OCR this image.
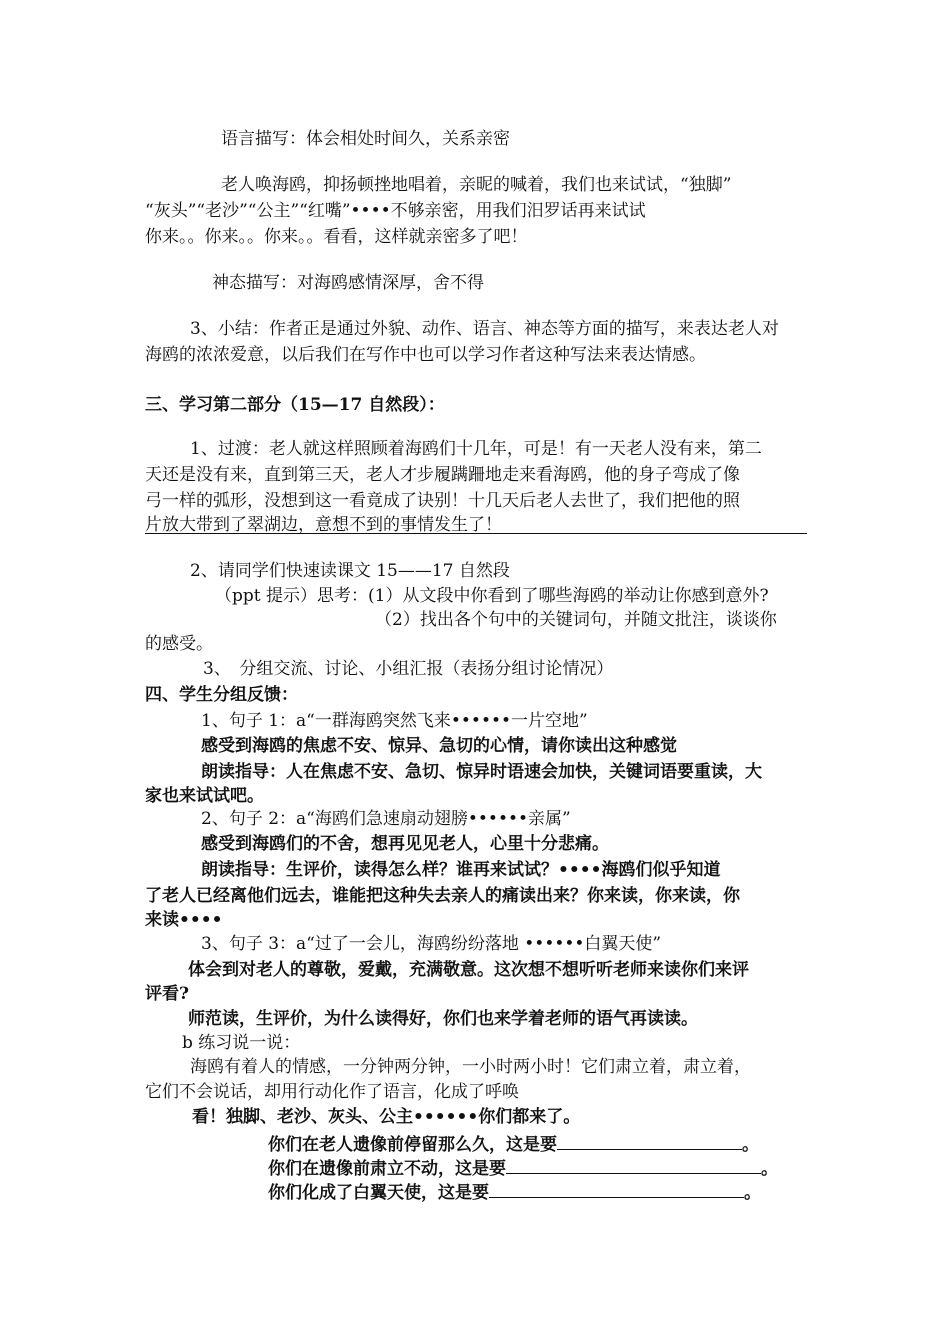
语言描写：体会相处时间久，关系亲密
老人唤海鸥，抑扬顿挫地唱着，亲昵的喊着，我们也来试试，“独脚”
“灰头”“老沙”“公主”“红嘴”••••不够亲密，用我们汨罗话再来试试
你来。。你来。。你来。。看看，这样就亲密多了吧！
神态描写：对海鸥感情深厚，舍不得
3、小结：作者正是通过外貌、动作、语言、神态等方面的描写，来表达老人对
海鸥的浓浓爱意，以后我们在写作中也可以学习作者这种写法来表达情感。
三、学习第二部分（15—17 自然段）：
1、过渡：老人就这样照顾着海鸥们十几年，可是！有一天老人没有来，第二
天还是没有来，直到第三天，老人才步履蹒跚地走来看海鸥，他的身子弯成了像
弓一样的弧形，没想到这一看竟成了诀别！十几天后老人去世了，我们把他的照
片放大带到了翠湖边，意想不到的事情发生了！
2、请同学们快速读课文 15——17 自然段
（ppt 提示）思考：(1）从文段中你看到了哪些海鸥的举动让你感到意外?
（2）找出各个句中的关键词句，并随文批注，谈谈你
的感受。
3、　分组交流、讨论、小组汇报（表扬分组讨论情况）
四、学生分组反馈：
1、句子 1：a“一群海鸥突然飞来••••••一片空地”
感受到海鸥的焦虑不安、惊异、急切的心情，请你读出这种感觉
朗读指导：人在焦虑不安、急切、惊异时语速会加快，关键词语要重读，大
家也来试试吧。
2、句子 2：a“海鸥们急速扇动翅膀••••••亲属”
感受到海鸥们的不舍，想再见见老人，心里十分悲痛。
朗读指导：生评价，读得怎么样？谁再来试试？••••海鸥们似乎知道
了老人已经离他们远去，谁能把这种失去亲人的痛读出来？你来读，你来读，你
来读••••
3、句子 3：a“过了一会儿，海鸥纷纷落地 ••••••白翼天使”
体会到对老人的尊敬，爱戴，充满敬意。这次想不想听听老师来读你们来评
评看?
师范读，生评价，为什么读得好，你们也来学着老师的语气再读读。
b 练习说一说：
海鸥有着人的情感，一分钟两分钟，一小时两小时！它们肃立着，肃立着，
它们不会说话，却用行动化作了语言，化成了呼唤
看！独脚、老沙、灰头、公主••••••你们都来了。
你们在老人遗像前停留那么久，这是要	。
你们在遗像前肃立不动，这是要	。
你们化成了白翼天使，这是要	。
